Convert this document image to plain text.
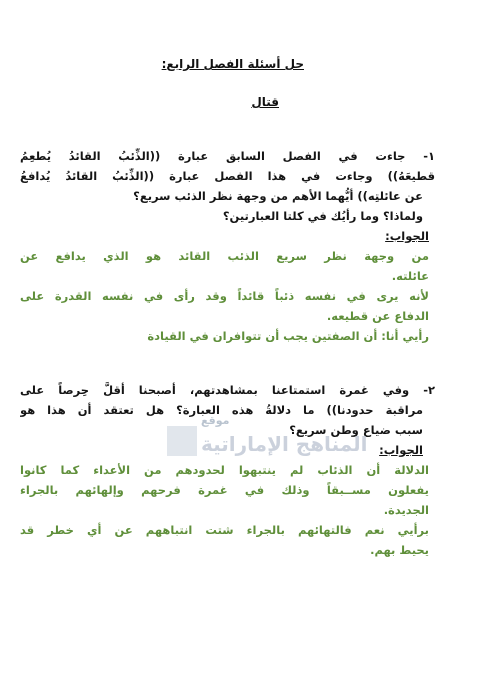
حل أسئلة الفصل الرابع:
قتال
١- جاءت في الفصل السابق عبارة ((الذِّئبُ القائدُ يُطعِمُ
قطيعَهُ)) وجاءت في هذا الفصل عبارة ((الذِّئبُ القائدُ يُدافعُ
عن عائلتِه)) أيُّهما الأهم من وجهة نظر الذئب سريع؟
ولماذا؟ وما رأيُك في كلتا العبارتين؟
الجواب:
من وجهة نظر سريع الذئب القائد هو الذي يدافع عن
عائلته.
لأنه يرى في نفسه ذئباً قائداً وقد رأى في نفسه القدرة على
الدفاع عن قطيعه.
رأيي أنا: أن الصفتين يجب أن تتوافران في القيادة
٢- وفي غمرة استمتاعنا بمشاهدتهم، أصبحنا أقلَّ حِرصاً على
مراقبة حدودنا)) ما دلالةُ هذه العبارة؟ هل تعتقد أن هذا هو
سبب ضياع وطن سريع؟
الجواب:
الدلالة أن الذئاب لم ينتبهوا لحدودهم من الأعداء كما كانوا
يفعلون مســبقاً وذلك في غمرة فرحهم وإلهائهم بالجراء
الجديدة.
برأيي نعم فالتهائهم بالجراء شتت انتباههم عن أي خطر قد
يحيط بهم.
موقع
المناهج الإماراتية
